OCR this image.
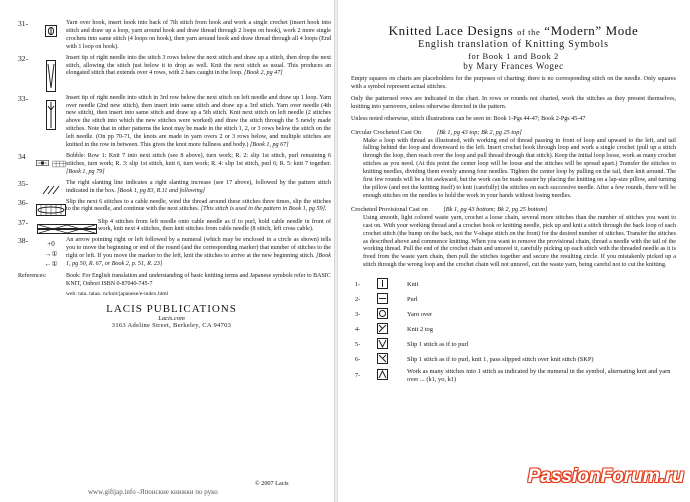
31-	Yarn over hook, insert hook into back of 7th stitch from hook and work a single crochet (insert hook into stitch and draw up a loop, yarn around hook and draw thread through 2 loops on hook), work 2 more single crochets into same stitch (4 loops on hook), then yarn around hook and draw thread through all 4 loops (End with 1 loop on hook).
32-	Insert tip of right needle into the stitch 3 rows below the next stitch and draw up a stitch, then drop the next stitch, allowing the stitch just below it to drop as well. Knit the next stitch as usual. This produces an elongated stitch that extends over 4 rows, with 2 bars caught in the loop. [Book 2, pg 47]
33-	Insert tip of right needle into stitch in 3rd row below the next stitch on left needle and draw up 1 loop. Yarn over needle (2nd new stitch), then insert into same stitch and draw up a 3rd stitch. Yarn over needle (4th new stitch), then insert into same stitch and draw up a 5th stitch. Knit next stitch on left needle (2 stitches above the stitch into which the new stitches were worked) and draw the stitch through the 5 newly made stitches. Note that in other patterns the knot may be made in the stitch 1, 2, or 3 rows below the stitch on the left needle. (On pp 70-71, the knots are made in yarn overs 2 or 3 rows below, and multiple stitches are knitted in the row in between. This gives the knot more fullness and body.) [Book 1, pg 67]
34	Bobble: Row 1: Knit 7 into next stitch (see 8 above), turn work; R. 2: slip 1st stitch, purl remaining 6 stitches, turn work; R. 3: slip 1st stitch, knit 6, turn work; R. 4: slip 1st stitch, purl 6; R. 5: knit 7 together. [Book 1, pg 79]
35-	The right slanting line indicates a right slanting increase (see 17 above), followed by the pattern stitch indicated in the box. [Book 1, pg 83, R.11 and following]
36-	Slip the next 6 stitches to a cable needle, wind the thread around these stitches three times, slip the stitches to the right needle, and continue with the next stitches. [This stitch is used in the pattern in Book 1, pg 59].
37-	Slip 4 stitches from left needle onto cable needle as if to purl, hold cable needle in front of work, knit next 4 stitches, then knit stitches from cable needle (8 stitch, left cross cable).
38-	+0
→①
←①
An arrow pointing right or left followed by a numeral (which may be enclosed in a circle as shown) tells you to move the beginning or end of the round (and the corresponding marker) that number of stitches to the right or left. If you move the marker to the left, knit the stitches to arrive at the new beginning stitch. [Book 1, pg 50, R. 67, or Book 2, p. 51, R. 23]
References:	Book: For English translation and understanding of basic knitting terms and Japanese symbols refer to BASIC KNIT, Onbori ISBN 0-87040-745-7
web: tata. tataa. ru/knit/japanese/e-index.html
LACIS PUBLICATIONS
Lacis.com
3163 Adeline Street, Berkeley, CA 94703
© 2007 Lacis
www.giftjap.info -Японские книжки по руко
Knitted Lace Designs of the “Modern” Mode
English translation of Knitting Symbols
for Book 1 and Book 2
by Mary Frances Wogec
Empty squares on charts are placeholders for the purposes of charting; there is no corresponding stitch on the needle. Only squares with a symbol represent actual stitches.
Only the patterned rows are indicated in the chart. In rows or rounds not charted, work the stitches as they present themselves, knitting into yarnovers, unless otherwise directed in the pattern.
Unless noted otherwise, stitch illustrations can be seen in: Book 1-Pgs 44-47; Book 2-Pgs 45-47
Circular Crocheted Cast On [Bk 1, pg 43 top; Bk 2, pg 25 top]
Make a loop with thread as illustrated, with working end of thread passing in front of loop and upward to the left, and tail falling behind the loop and downward to the left. Insert crochet hook through loop and work a single crochet (pull up a stitch through the loop, then reach over the loop and pull thread through that stitch). Keep the initial loop loose, work as many crochet stitches as you need. (At this point the center loop will be loose and the stitches will be spread apart.) Transfer the stitches to knitting needles, dividing them evenly among four needles. Tighten the center loop by pulling on the tail, then knit around. The first few rounds will be a bit awkward, but the work can be made easier by placing the knitting on a lap-size pillow, and turning the pillow (and not the knitting itself) to knit (carefully) the stitches on each successive needle. After a few rounds, there will be enough stitches on the needles to hold the work in your hands without losing needles.
Crocheted Provisional Cast on [Bk 1, pg 43 bottom; Bk 2, pg 25 bottom]
Using smooth, light colored waste yarn, crochet a loose chain, several more stitches than the number of stitches you want to cast on. With your working thread and a crochet hook or knitting needle, pick up and knit a stitch through the back loop of each crochet stitch (the bump on the back, not the V-shape stitch on the front) for the desired number of stitches. Transfer the stitches as described above and commence knitting. When you want to remove the provisional chain, thread a needle with the tail of the working thread. Pull the end of the crochet chain and unravel it, carefully picking up each stitch with the threaded needle as it is freed from the waste yarn chain, then pull the stitches together and secure the resulting circle. If you mistakenly picked up a stitch through the wrong loop and the crochet chain will not unravel, cut the waste yarn, being careful not to cut the knitting.
1-	Knit
2-	Purl
3-	Yarn over
4-	Knit 2 tog
5-	Slip 1 stitch as if to purl
6-	Slip 1 stitch as if to purl, knit 1, pass slipped stitch over knit stitch (SKP)
7-
Work as many stitches into 1 stitch as indicated by the numeral in the symbol, alternating knit and yarn over ... (k1, yo, k1)
PassionForum.ru
